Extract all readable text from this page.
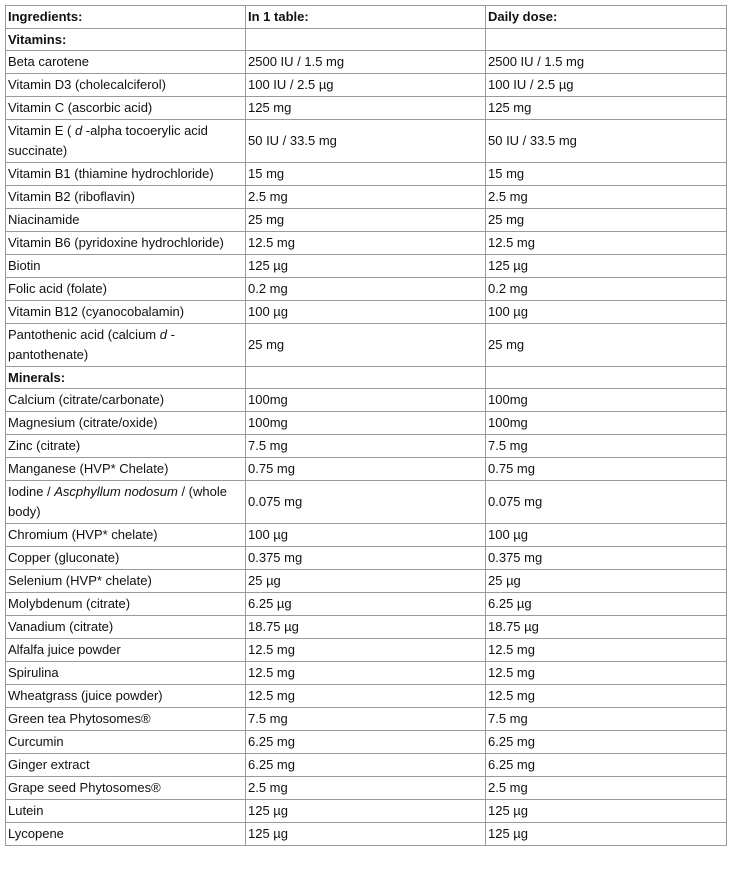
Ingredients:	In 1 table:	Daily dose:
Vitamins:		
Beta carotene	2500 IU / 1.5 mg	2500 IU / 1.5 mg
Vitamin D3 (cholecalciferol)	100 IU / 2.5 µg	100 IU / 2.5 µg
Vitamin C (ascorbic acid)	125 mg	125 mg
Vitamin E ( d -alpha tocoerylic acid succinate)	50 IU / 33.5 mg	50 IU / 33.5 mg
Vitamin B1 (thiamine hydrochloride)	15 mg	15 mg
Vitamin B2 (riboflavin)	2.5 mg	2.5 mg
Niacinamide	25 mg	25 mg
Vitamin B6 (pyridoxine hydrochloride)	12.5 mg	12.5 mg
Biotin	125 µg	125 µg
Folic acid (folate)	0.2 mg	0.2 mg
Vitamin B12 (cyanocobalamin)	100 µg	100 µg
Pantothenic acid (calcium d -pantothenate)	25 mg	25 mg
Minerals:		
Calcium (citrate/carbonate)	100mg	100mg
Magnesium (citrate/oxide)	100mg	100mg
Zinc (citrate)	7.5 mg	7.5 mg
Manganese (HVP* Chelate)	0.75 mg	0.75 mg
Iodine / Ascphyllum nodosum / (whole body)	0.075 mg	0.075 mg
Chromium (HVP* chelate)	100 µg	100 µg
Copper (gluconate)	0.375 mg	0.375 mg
Selenium (HVP* chelate)	25 µg	25 µg
Molybdenum (citrate)	6.25 µg	6.25 µg
Vanadium (citrate)	18.75 µg	18.75 µg
Alfalfa juice powder	12.5 mg	12.5 mg
Spirulina	12.5 mg	12.5 mg
Wheatgrass (juice powder)	12.5 mg	12.5 mg
Green tea Phytosomes®	7.5 mg	7.5 mg
Curcumin	6.25 mg	6.25 mg
Ginger extract	6.25 mg	6.25 mg
Grape seed Phytosomes®	2.5 mg	2.5 mg
Lutein	125 µg	125 µg
Lycopene	125 µg	125 µg
